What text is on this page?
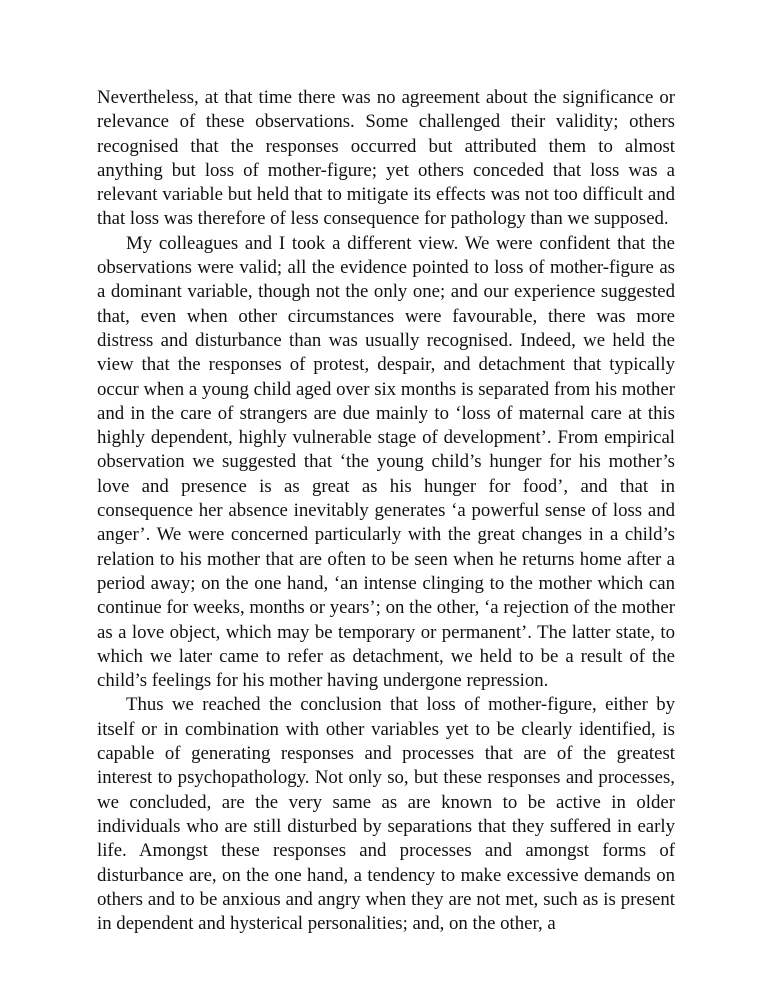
Nevertheless, at that time there was no agreement about the significance or relevance of these observations. Some challenged their validity; others recognised that the responses occurred but attributed them to almost anything but loss of mother-figure; yet others conceded that loss was a relevant variable but held that to mitigate its effects was not too difficult and that loss was therefore of less consequence for pathology than we supposed.

My colleagues and I took a different view. We were confident that the observations were valid; all the evidence pointed to loss of mother-figure as a dominant variable, though not the only one; and our experience suggested that, even when other circumstances were favourable, there was more distress and disturbance than was usually recognised. Indeed, we held the view that the responses of protest, despair, and detachment that typically occur when a young child aged over six months is separated from his mother and in the care of strangers are due mainly to ‘loss of maternal care at this highly dependent, highly vulnerable stage of development’. From empirical observation we suggested that ‘the young child’s hunger for his mother’s love and presence is as great as his hunger for food’, and that in consequence her absence inevitably generates ‘a powerful sense of loss and anger’. We were concerned particularly with the great changes in a child’s relation to his mother that are often to be seen when he returns home after a period away; on the one hand, ‘an intense clinging to the mother which can continue for weeks, months or years’; on the other, ‘a rejection of the mother as a love object, which may be temporary or permanent’. The latter state, to which we later came to refer as detachment, we held to be a result of the child’s feelings for his mother having undergone repression.

Thus we reached the conclusion that loss of mother-figure, either by itself or in combination with other variables yet to be clearly identified, is capable of generating responses and processes that are of the greatest interest to psychopathology. Not only so, but these responses and processes, we concluded, are the very same as are known to be active in older individuals who are still disturbed by separations that they suffered in early life. Amongst these responses and processes and amongst forms of disturbance are, on the one hand, a tendency to make excessive demands on others and to be anxious and angry when they are not met, such as is present in dependent and hysterical personalities; and, on the other, a
